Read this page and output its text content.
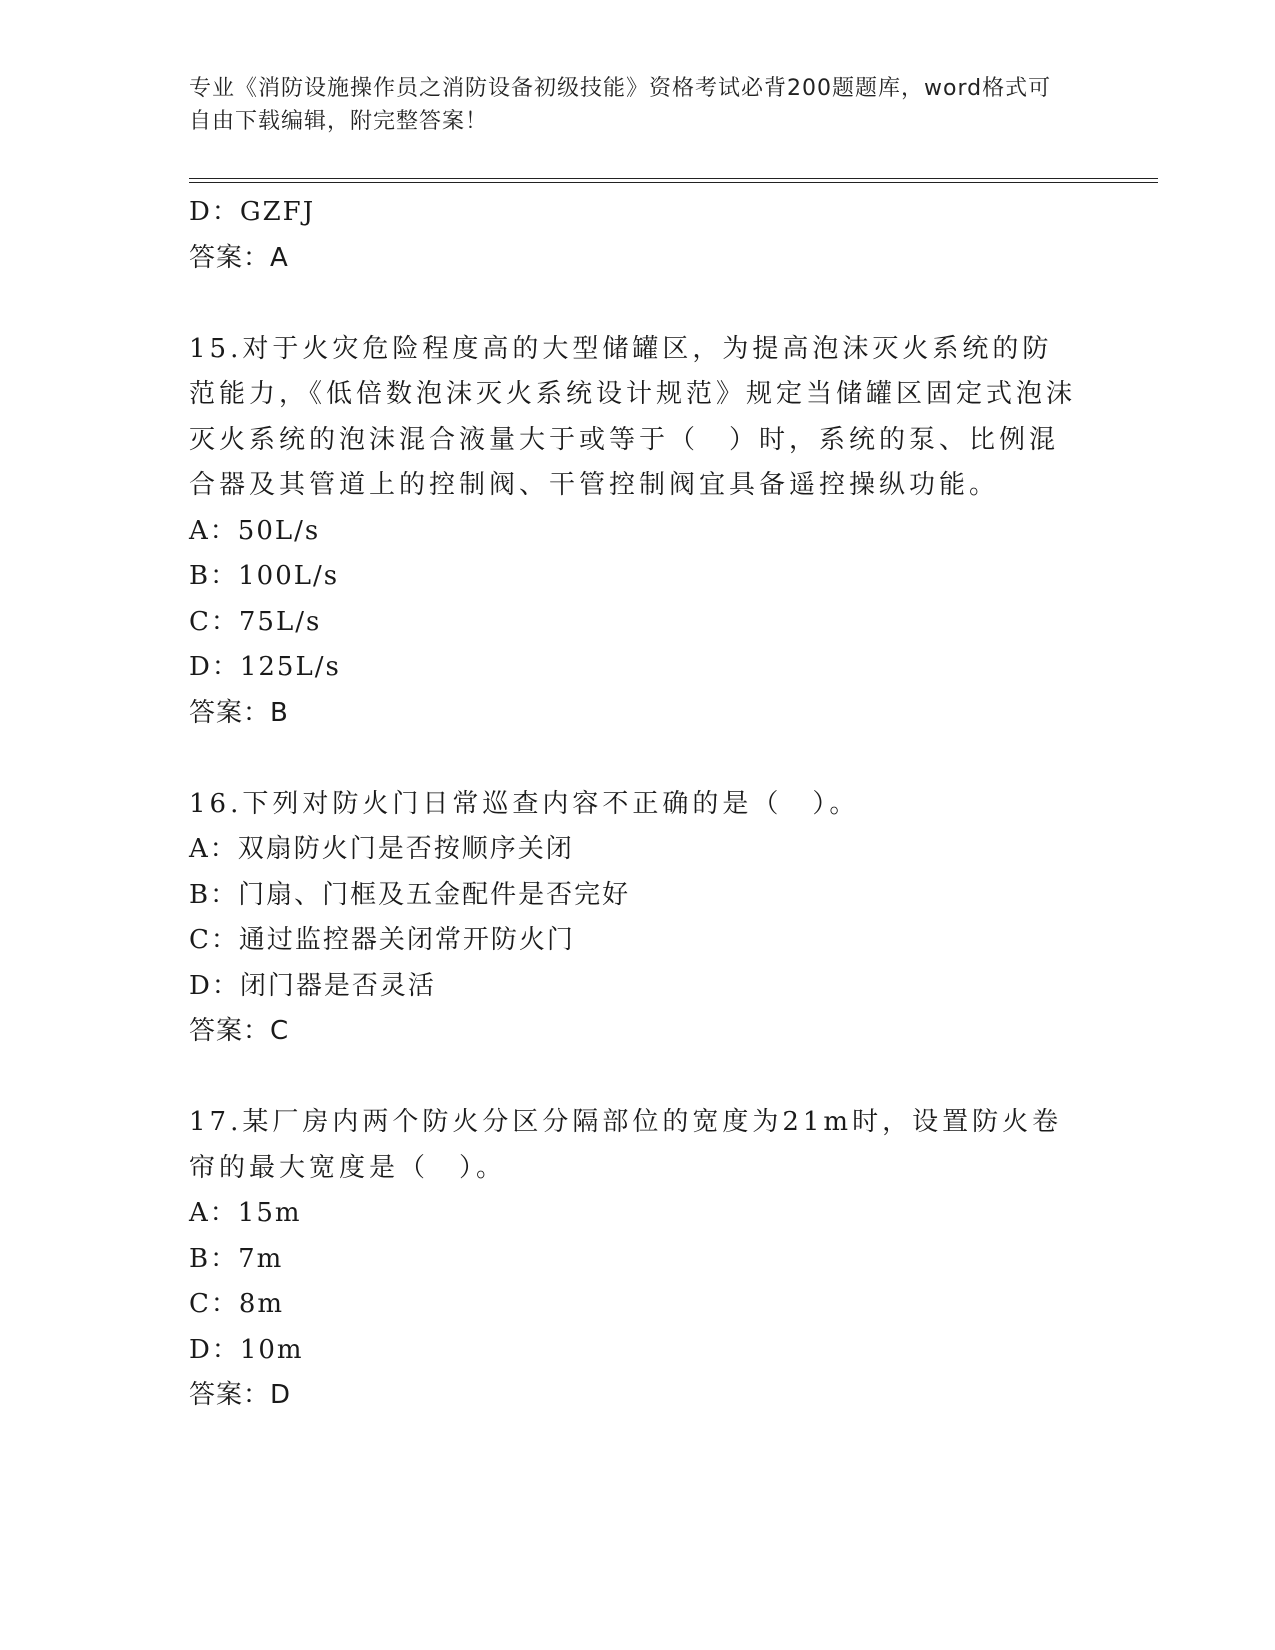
专业《消防设施操作员之消防设备初级技能》资格考试必背200题题库，word格式可自由下载编辑，附完整答案！
D：GZFJ
答案：A
15.对于火灾危险程度高的大型储罐区，为提高泡沫灭火系统的防范能力，《低倍数泡沫灭火系统设计规范》规定当储罐区固定式泡沫灭火系统的泡沫混合液量大于或等于（　）时，系统的泵、比例混合器及其管道上的控制阀、干管控制阀宜具备遥控操纵功能。
A：50L/s
B：100L/s
C：75L/s
D：125L/s
答案：B
16.下列对防火门日常巡查内容不正确的是（　）。
A：双扇防火门是否按顺序关闭
B：门扇、门框及五金配件是否完好
C：通过监控器关闭常开防火门
D：闭门器是否灵活
答案：C
17.某厂房内两个防火分区分隔部位的宽度为21m时，设置防火卷帘的最大宽度是（　）。
A：15m
B：7m
C：8m
D：10m
答案：D
